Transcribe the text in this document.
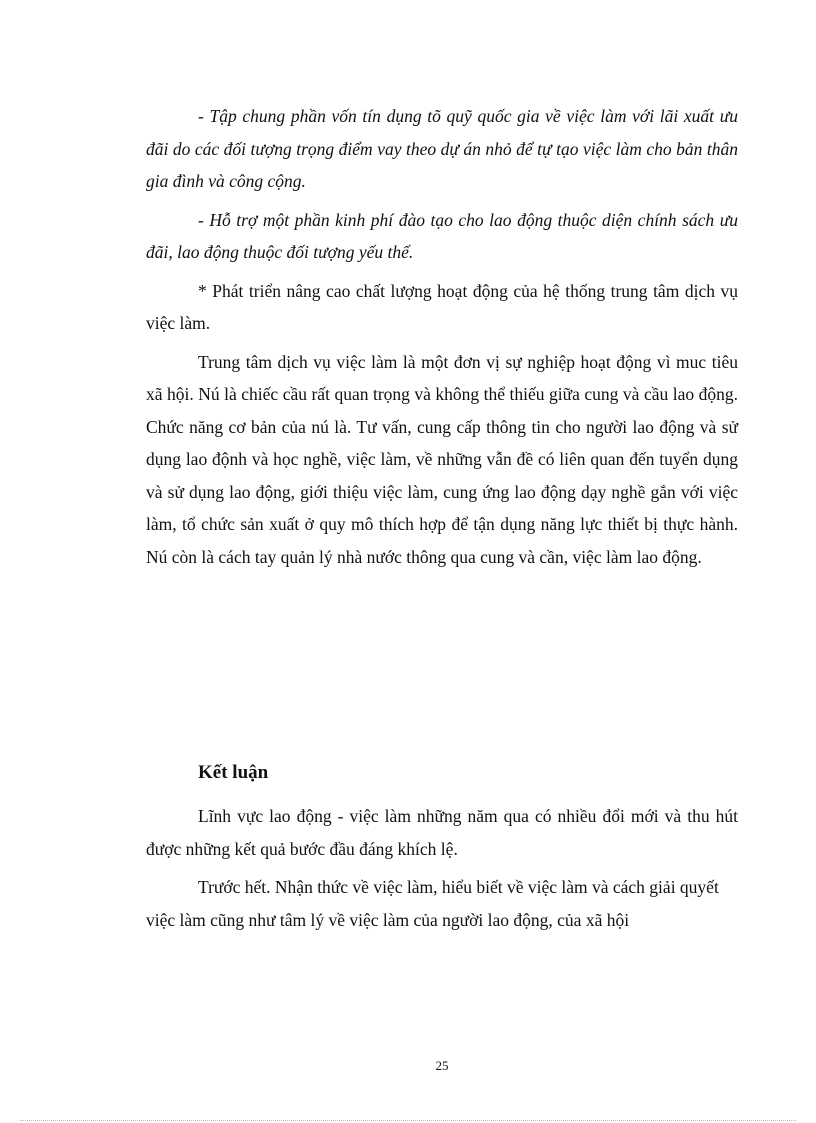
- Tập chung phần vốn tín dụng tõ quỹ quốc gia về việc làm với lãi xuất ưu đãi do các đối tượng trọng điểm vay theo dự án nhỏ để tự tạo việc làm cho bản thân gia đình và công cộng.

- Hỗ trợ một phần kinh phí đào tạo cho lao động thuộc diện chính sách ưu đãi, lao động thuộc đối tượng yếu thế.

* Phát triển nâng cao chất lượng hoạt động của hệ thống trung tâm dịch vụ việc làm.

Trung tâm dịch vụ việc làm là một đơn vị sự nghiệp hoạt động vì muc tiêu xã hội. Nú là chiếc cầu rất quan trọng và không thể thiếu giữa cung và cầu lao động. Chức năng cơ bản của nú là. Tư vấn, cung cấp thông tin cho người lao động và sử dụng lao độnh và học nghề, việc làm, về những vẫn đề có liên quan đến tuyển dụng và sử dụng lao động, giới thiệu việc làm, cung ứng lao động dạy nghề gắn với việc làm, tổ chức sản xuất ở quy mô thích hợp để tận dụng năng lực thiết bị thực hành. Nú còn là cách tay quản lý nhà nước thông qua cung và cần, việc làm lao động.

Kết luận

Lĩnh vực lao động - việc làm những năm qua có nhiều đổi mới và thu hút được những kết quả bước đầu đáng khích lệ.

Trước hết. Nhận thức về việc làm, hiểu biết về việc làm và cách giải quyết việc làm cũng như tâm lý về việc làm của người lao động, của xã hội

25
